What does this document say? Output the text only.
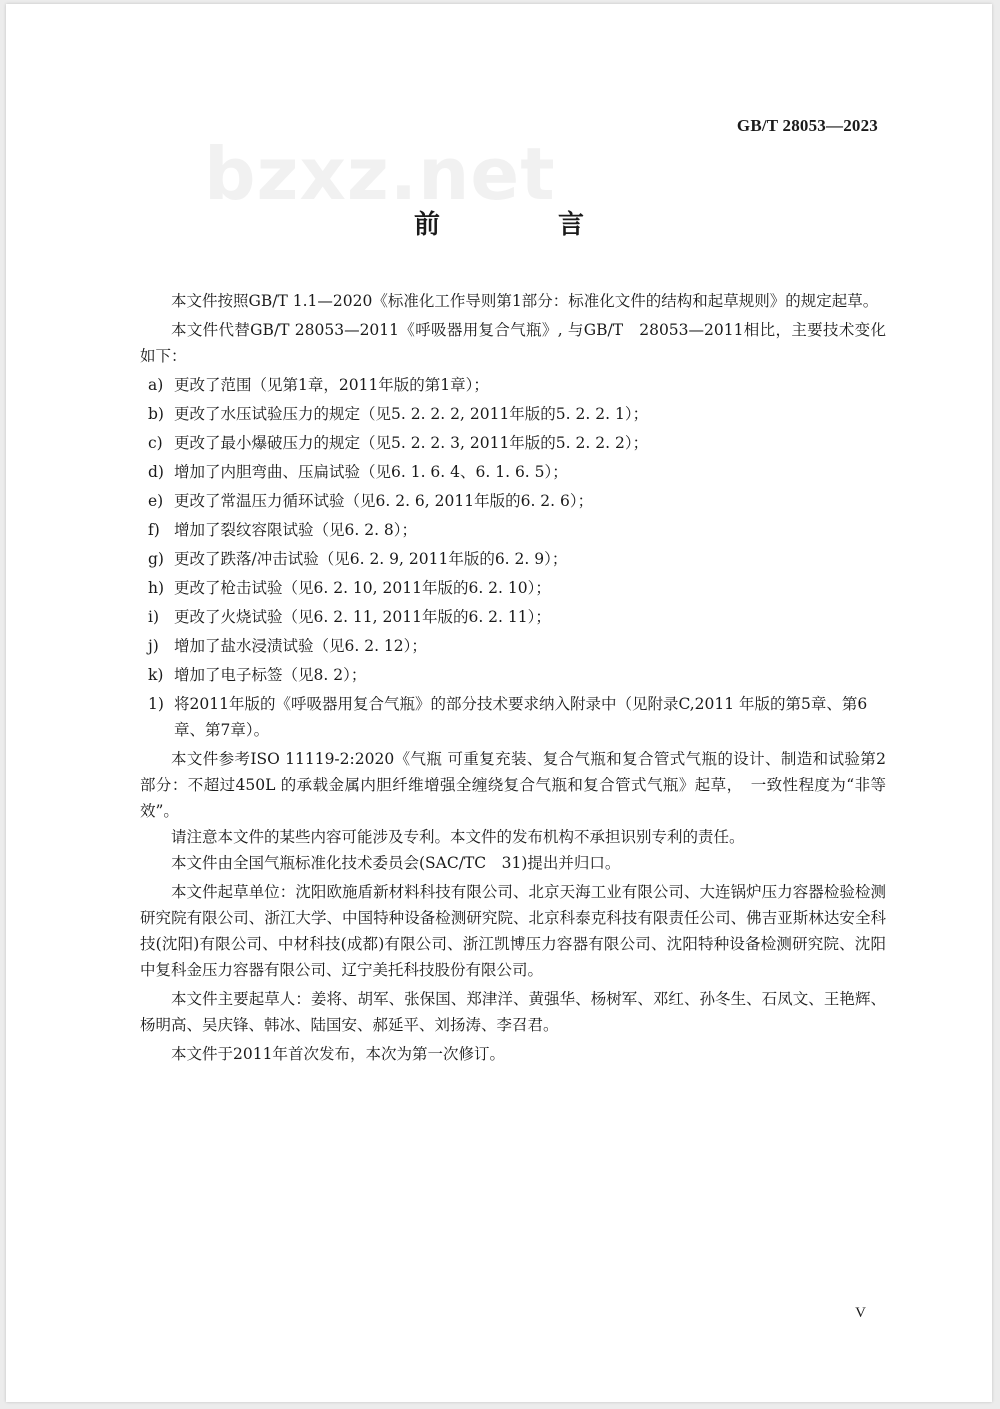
bzxz.net
GB/T 28053—2023
前　言

本文件按照GB/T 1.1—2020《标准化工作导则第1部分：标准化文件的结构和起草规则》的规定起草。

本文件代替GB/T 28053—2011《呼吸器用复合气瓶》, 与GB/T　28053—2011相比，主要技术变化如下：

a) 更改了范围（见第1章，2011年版的第1章）；
b) 更改了水压试验压力的规定（见5. 2. 2. 2, 2011年版的5. 2. 2. 1）；
c) 更改了最小爆破压力的规定（见5. 2. 2. 3, 2011年版的5. 2. 2. 2）；
d) 增加了内胆弯曲、压扁试验（见6. 1. 6. 4、6. 1. 6. 5）；
e) 更改了常温压力循环试验（见6. 2. 6, 2011年版的6. 2. 6）；
f) 增加了裂纹容限试验（见6. 2. 8）；
g) 更改了跌落/冲击试验（见6. 2. 9, 2011年版的6. 2. 9）；
h) 更改了枪击试验（见6. 2. 10, 2011年版的6. 2. 10）；
i) 更改了火烧试验（见6. 2. 11, 2011年版的6. 2. 11）；
j) 增加了盐水浸渍试验（见6. 2. 12）；
k) 增加了电子标签（见8. 2）；
1) 将2011年版的《呼吸器用复合气瓶》的部分技术要求纳入附录中（见附录C,2011 年版的第5章、第6章、第7章）。

本文件参考ISO 11119-2:2020《气瓶 可重复充装、复合气瓶和复合管式气瓶的设计、制造和试验第2部分：不超过450L 的承载金属内胆纤维增强全缠绕复合气瓶和复合管式气瓶》起草，　一致性程度为“非等效”。

请注意本文件的某些内容可能涉及专利。本文件的发布机构不承担识别专利的责任。

本文件由全国气瓶标准化技术委员会(SAC/TC　31)提出并归口。

本文件起草单位：沈阳欧施盾新材料科技有限公司、北京天海工业有限公司、大连锅炉压力容器检验检测研究院有限公司、浙江大学、中国特种设备检测研究院、北京科泰克科技有限责任公司、佛吉亚斯林达安全科技(沈阳)有限公司、中材科技(成都)有限公司、浙江凯博压力容器有限公司、沈阳特种设备检测研究院、沈阳中复科金压力容器有限公司、辽宁美托科技股份有限公司。

本文件主要起草人：姜将、胡军、张保国、郑津洋、黄强华、杨树军、邓红、孙冬生、石凤文、王艳辉、杨明高、吴庆锋、韩冰、陆国安、郝延平、刘扬涛、李召君。

本文件于2011年首次发布，本次为第一次修订。

V
